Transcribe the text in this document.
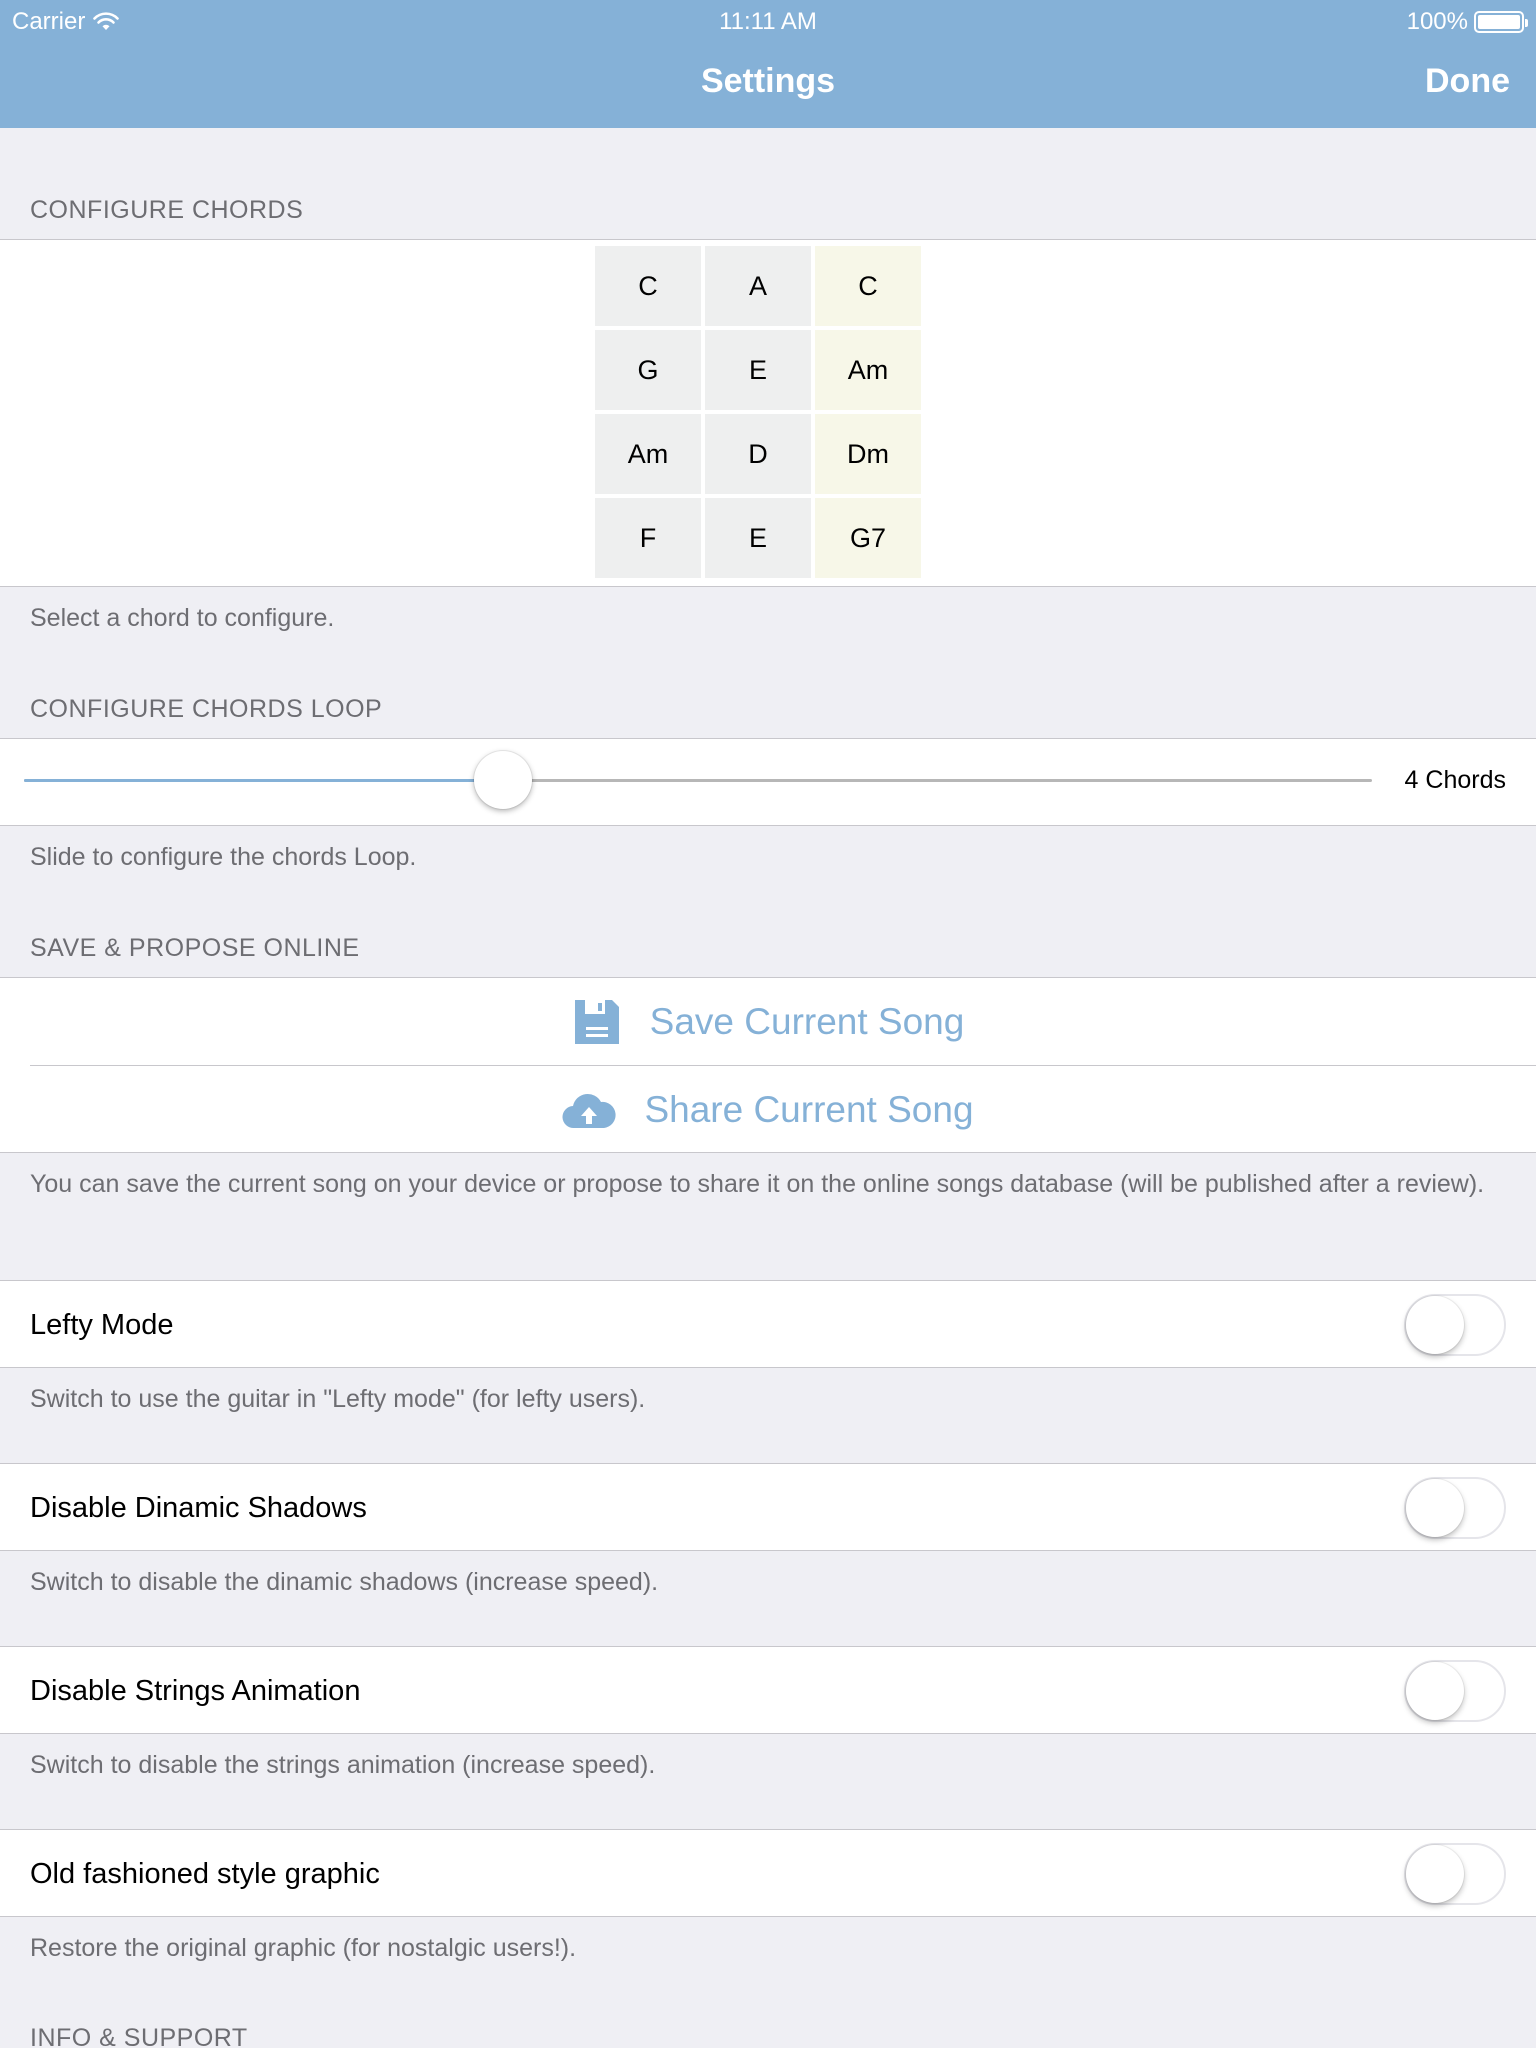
Carrier	11:11 AM	100%
Settings	Done
CONFIGURE CHORDS
C	A	C
G	E	Am
Am	D	Dm
F	E	G7
Select a chord to configure.
CONFIGURE CHORDS LOOP
4 Chords
Slide to configure the chords Loop.
SAVE & PROPOSE ONLINE
Save Current Song
Share Current Song
You can save the current song on your device or propose to share it on the online songs database (will be published after a review).
Lefty Mode
Switch to use the guitar in "Lefty mode" (for lefty users).
Disable Dinamic Shadows
Switch to disable the dinamic shadows (increase speed).
Disable Strings Animation
Switch to disable the strings animation (increase speed).
Old fashioned style graphic
Restore the original graphic (for nostalgic users!).
INFO & SUPPORT
